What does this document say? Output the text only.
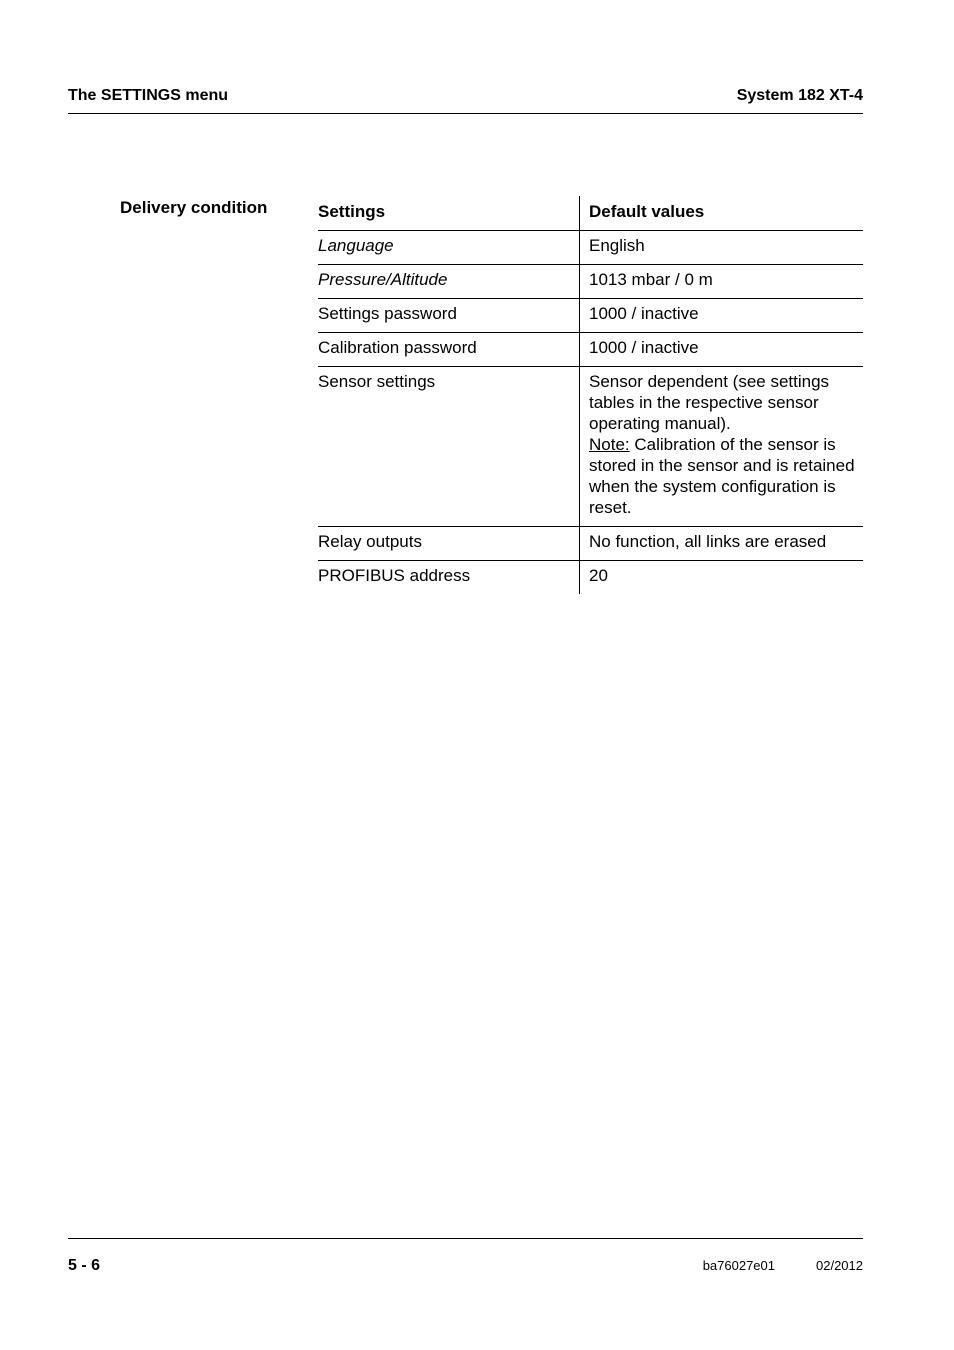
The SETTINGS menu	System 182 XT-4
Delivery condition	Settings	Default values
Language	English
Pressure/Altitude	1013 mbar / 0 m
Settings password	1000 / inactive
Calibration password	1000 / inactive
Sensor settings	Sensor dependent (see settings tables in the respective sensor operating manual).
Note: Calibration of the sensor is stored in the sensor and is retained when the system configuration is reset.
Relay outputs	No function, all links are erased
PROFIBUS address	20
5 - 6	ba76027e01	02/2012
